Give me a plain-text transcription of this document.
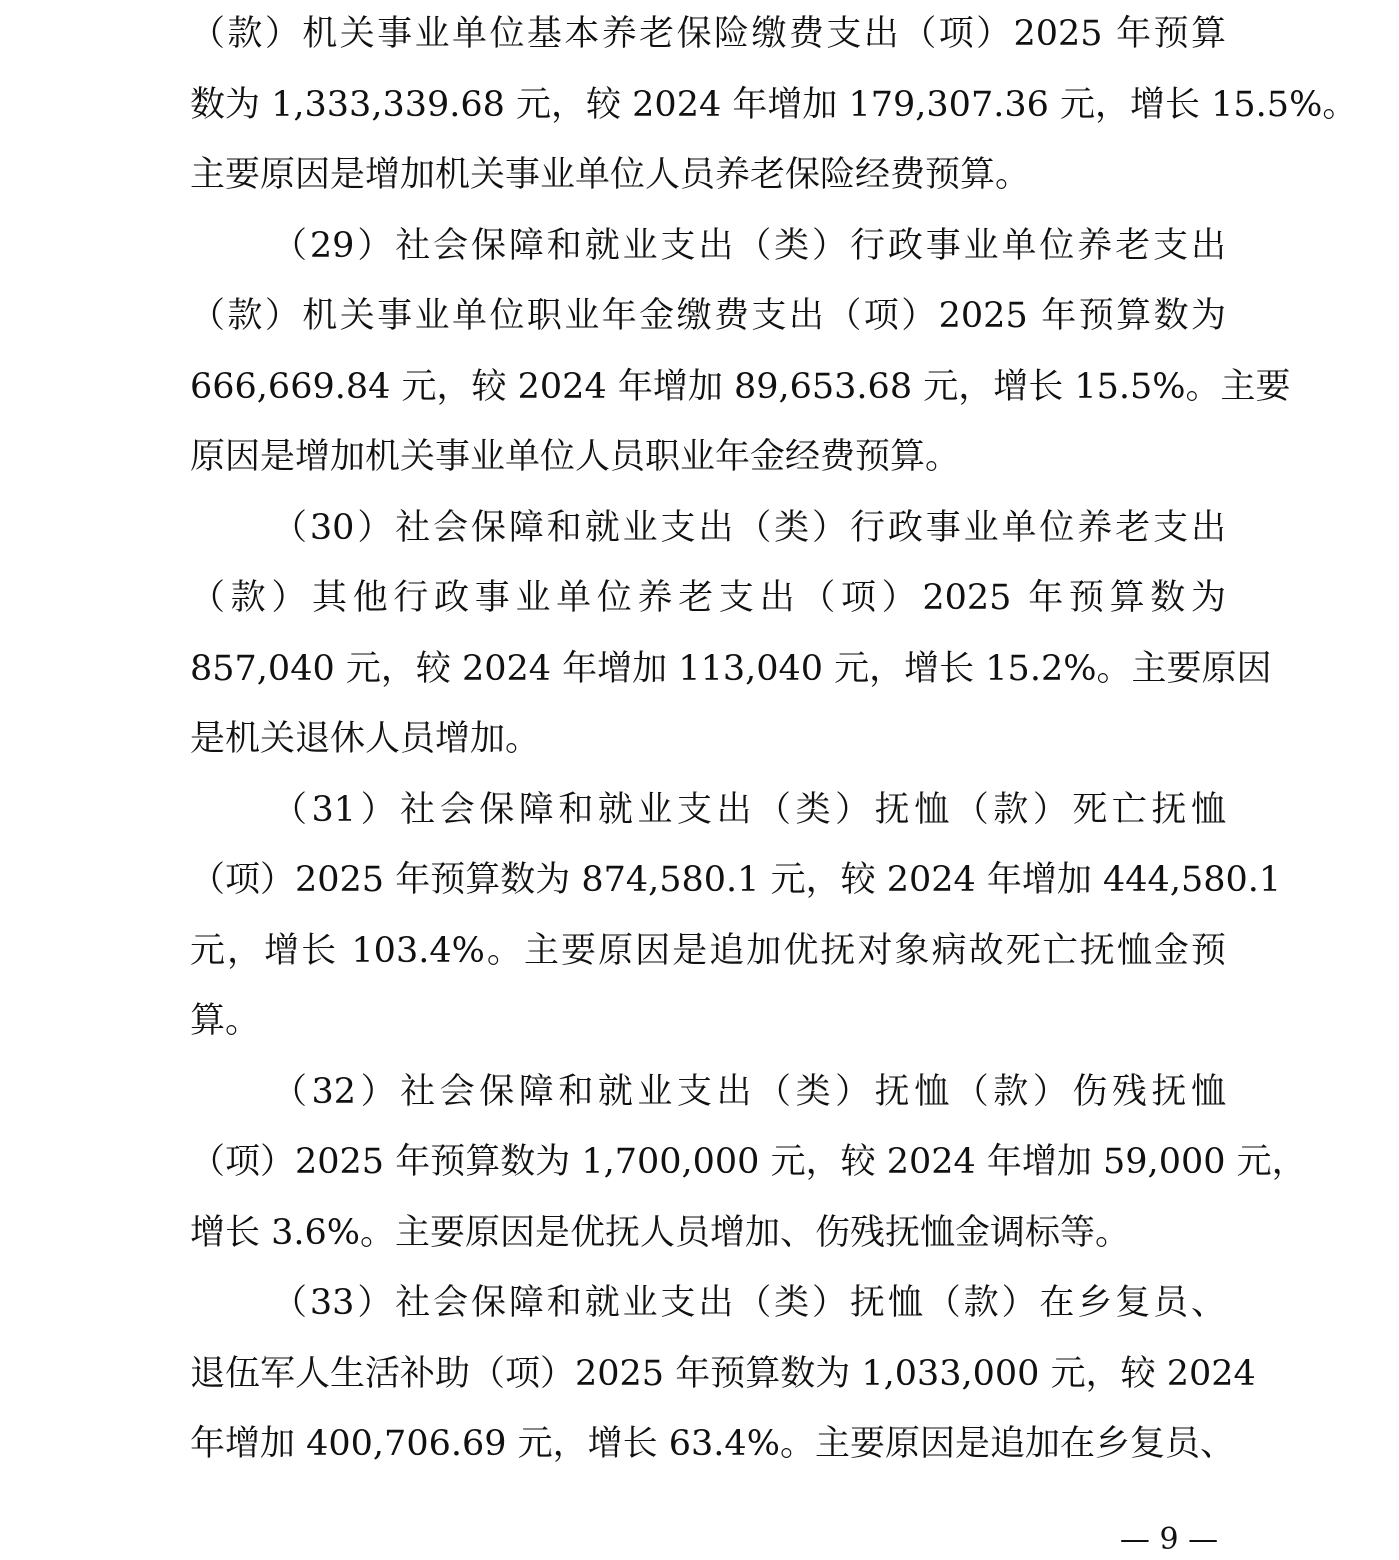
（款）机关事业单位基本养老保险缴费支出（项）2025 年预算
数为 1,333,339.68 元，较 2024 年增加 179,307.36 元，增长 15.5%。
主要原因是增加机关事业单位人员养老保险经费预算。
（29）社会保障和就业支出（类）行政事业单位养老支出
（款）机关事业单位职业年金缴费支出（项）2025 年预算数为
666,669.84 元，较 2024 年增加 89,653.68 元，增长 15.5%。主要
原因是增加机关事业单位人员职业年金经费预算。
（30）社会保障和就业支出（类）行政事业单位养老支出
（款）其他行政事业单位养老支出（项）2025 年预算数为
857,040 元，较 2024 年增加 113,040 元，增长 15.2%。主要原因
是机关退休人员增加。
（31）社会保障和就业支出（类）抚恤（款）死亡抚恤
（项）2025 年预算数为 874,580.1 元，较 2024 年增加 444,580.1
元，增长 103.4%。主要原因是追加优抚对象病故死亡抚恤金预
算。
（32）社会保障和就业支出（类）抚恤（款）伤残抚恤
（项）2025 年预算数为 1,700,000 元，较 2024 年增加 59,000 元，
增长 3.6%。主要原因是优抚人员增加、伤残抚恤金调标等。
（33）社会保障和就业支出（类）抚恤（款）在乡复员、
退伍军人生活补助（项）2025 年预算数为 1,033,000 元，较 2024
年增加 400,706.69 元，增长 63.4%。主要原因是追加在乡复员、
— 9 —
